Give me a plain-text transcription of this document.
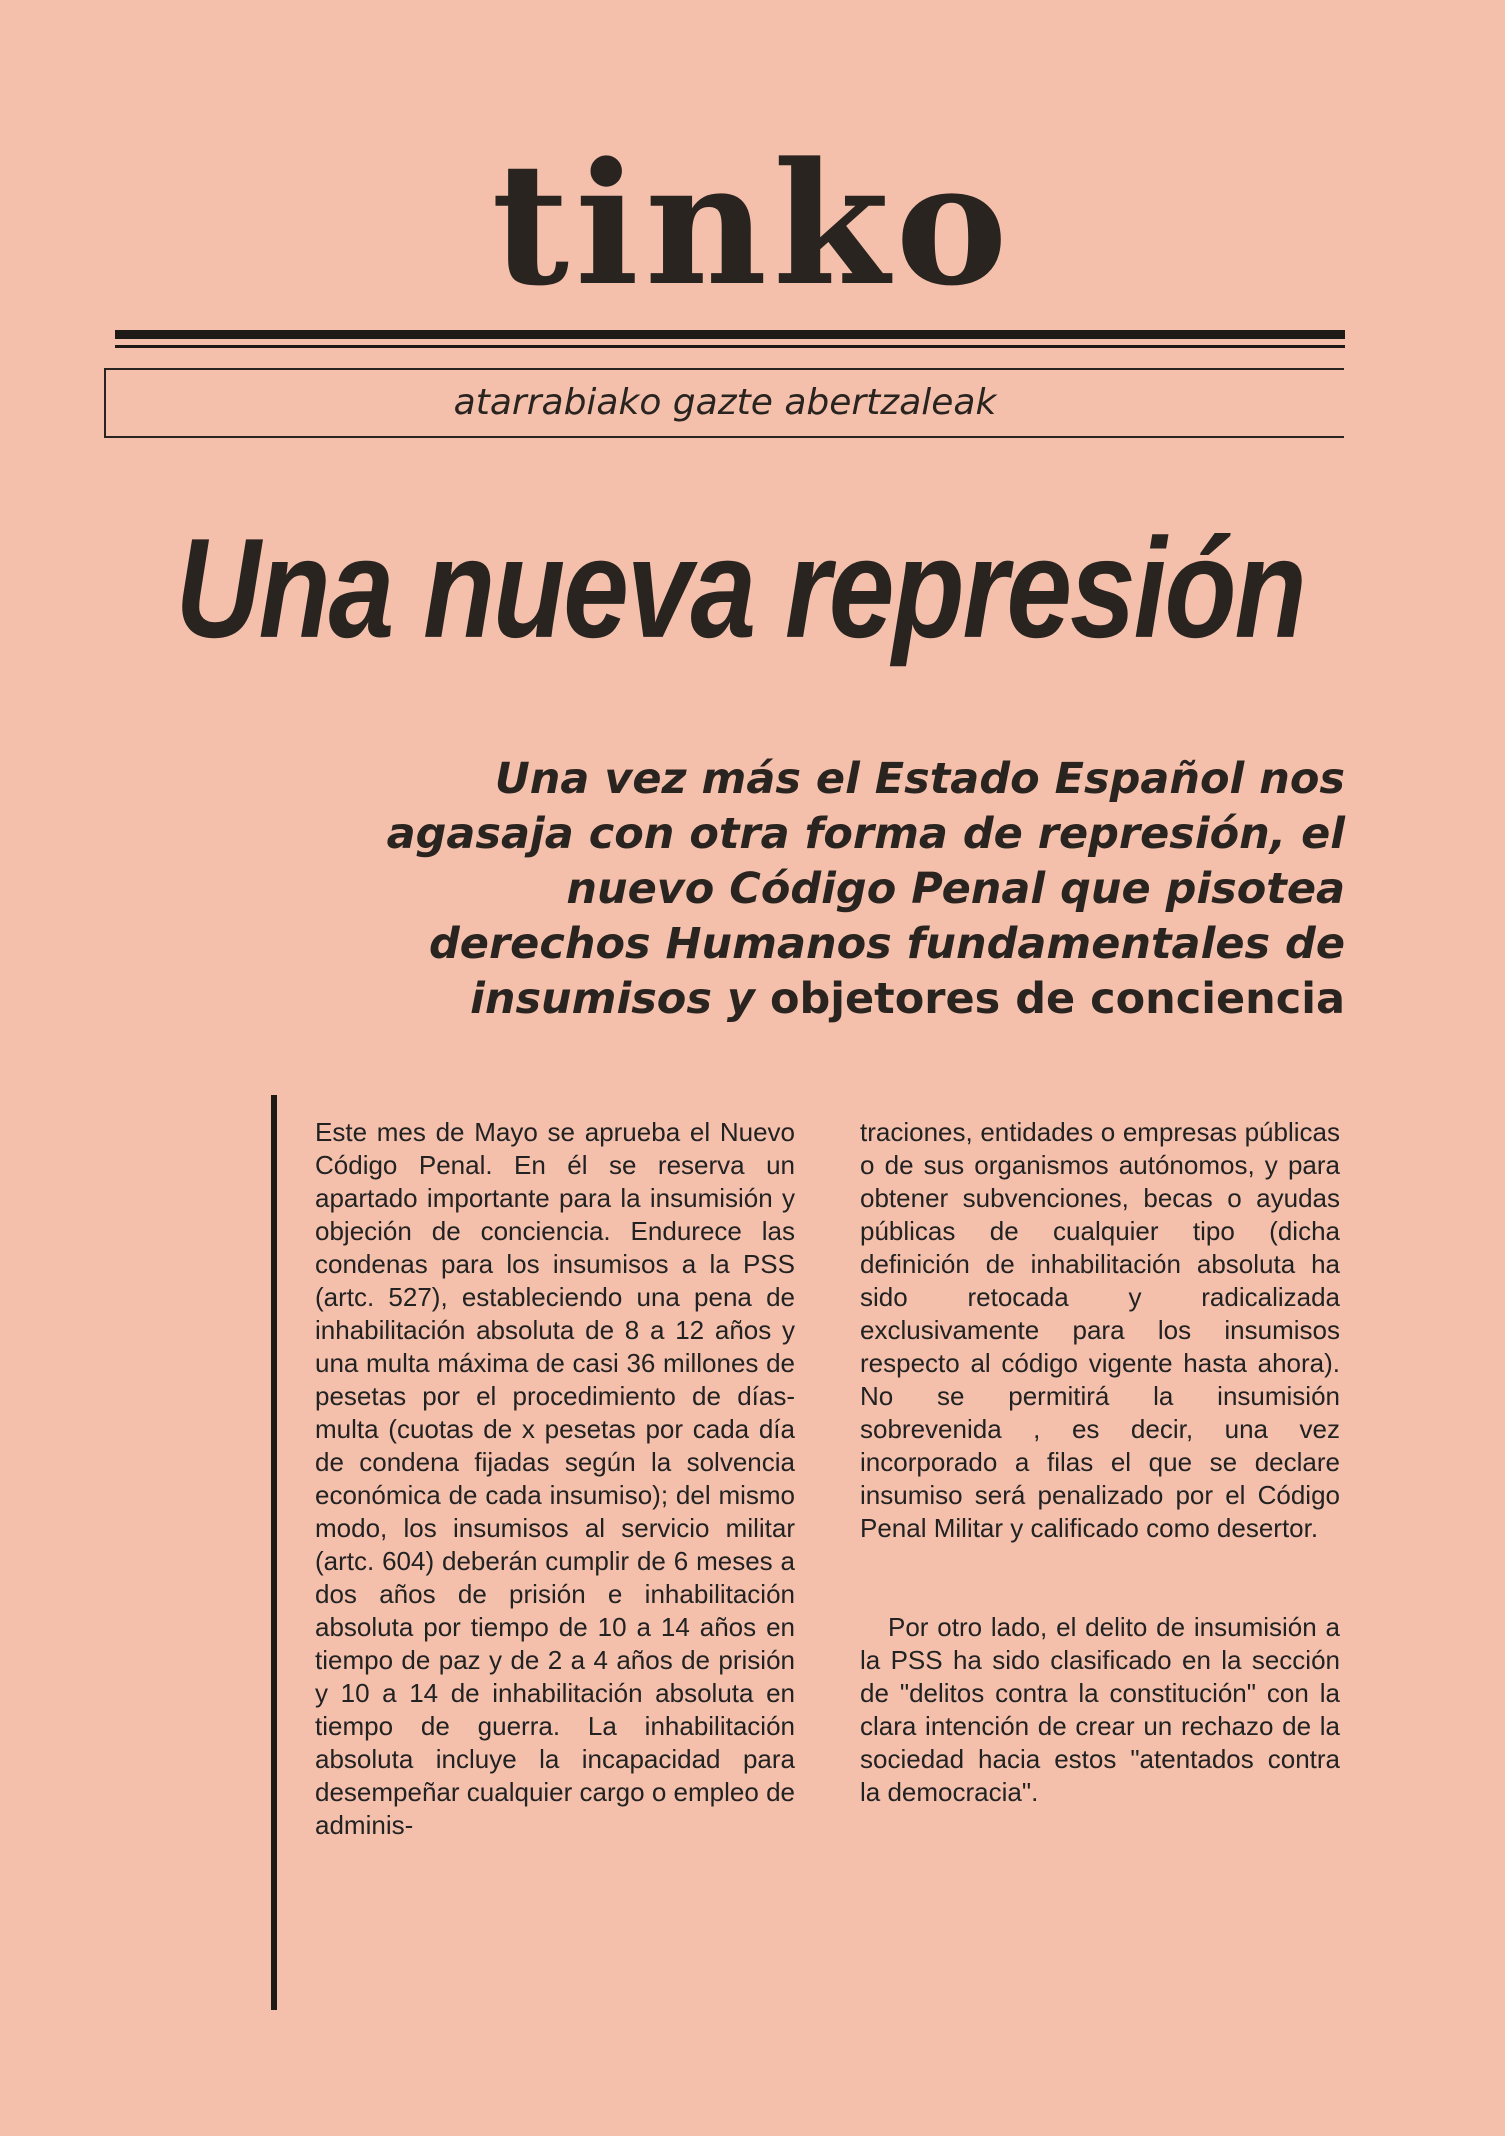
tinko
atarrabiako gazte abertzaleak
Una nueva represión
Una vez más el Estado Español nos agasaja con otra forma de represión, el nuevo Código Penal que pisotea derechos Humanos fundamentales de insumisos y objetores de conciencia

Este mes de Mayo se aprueba el Nuevo Código Penal. En él se reserva un apartado importante para la insumisión y objeción de conciencia. Endurece las condenas para los insumisos a la PSS (artc. 527), estableciendo una pena de inhabilitación absoluta de 8 a 12 años y una multa máxima de casi 36 millones de pesetas por el procedimiento de días-multa (cuotas de x pesetas por cada día de condena fijadas según la solvencia económica de cada insumiso); del mismo modo, los insumisos al servicio militar (artc. 604) deberán cumplir de 6 meses a dos años de prisión e inhabilitación absoluta por tiempo de 10 a 14 años en tiempo de paz y de 2 a 4 años de prisión y 10 a 14 de inhabilitación absoluta en tiempo de guerra. La inhabilitación absoluta incluye la incapacidad para desempeñar cualquier cargo o empleo de adminis-

traciones, entidades o empresas públicas o de sus organismos autónomos, y para obtener subvenciones, becas o ayudas públicas de cualquier tipo (dicha definición de inhabilitación absoluta ha sido retocada y radicalizada exclusivamente para los insumisos respecto al código vigente hasta ahora). No se permitirá la insumisión sobrevenida , es decir, una vez incorporado a filas el que se declare insumiso será penalizado por el Código Penal Militar y calificado como desertor.

Por otro lado, el delito de insumisión a la PSS ha sido clasificado en la sección de "delitos contra la constitución" con la clara intención de crear un rechazo de la sociedad hacia estos "atentados contra la democracia".
